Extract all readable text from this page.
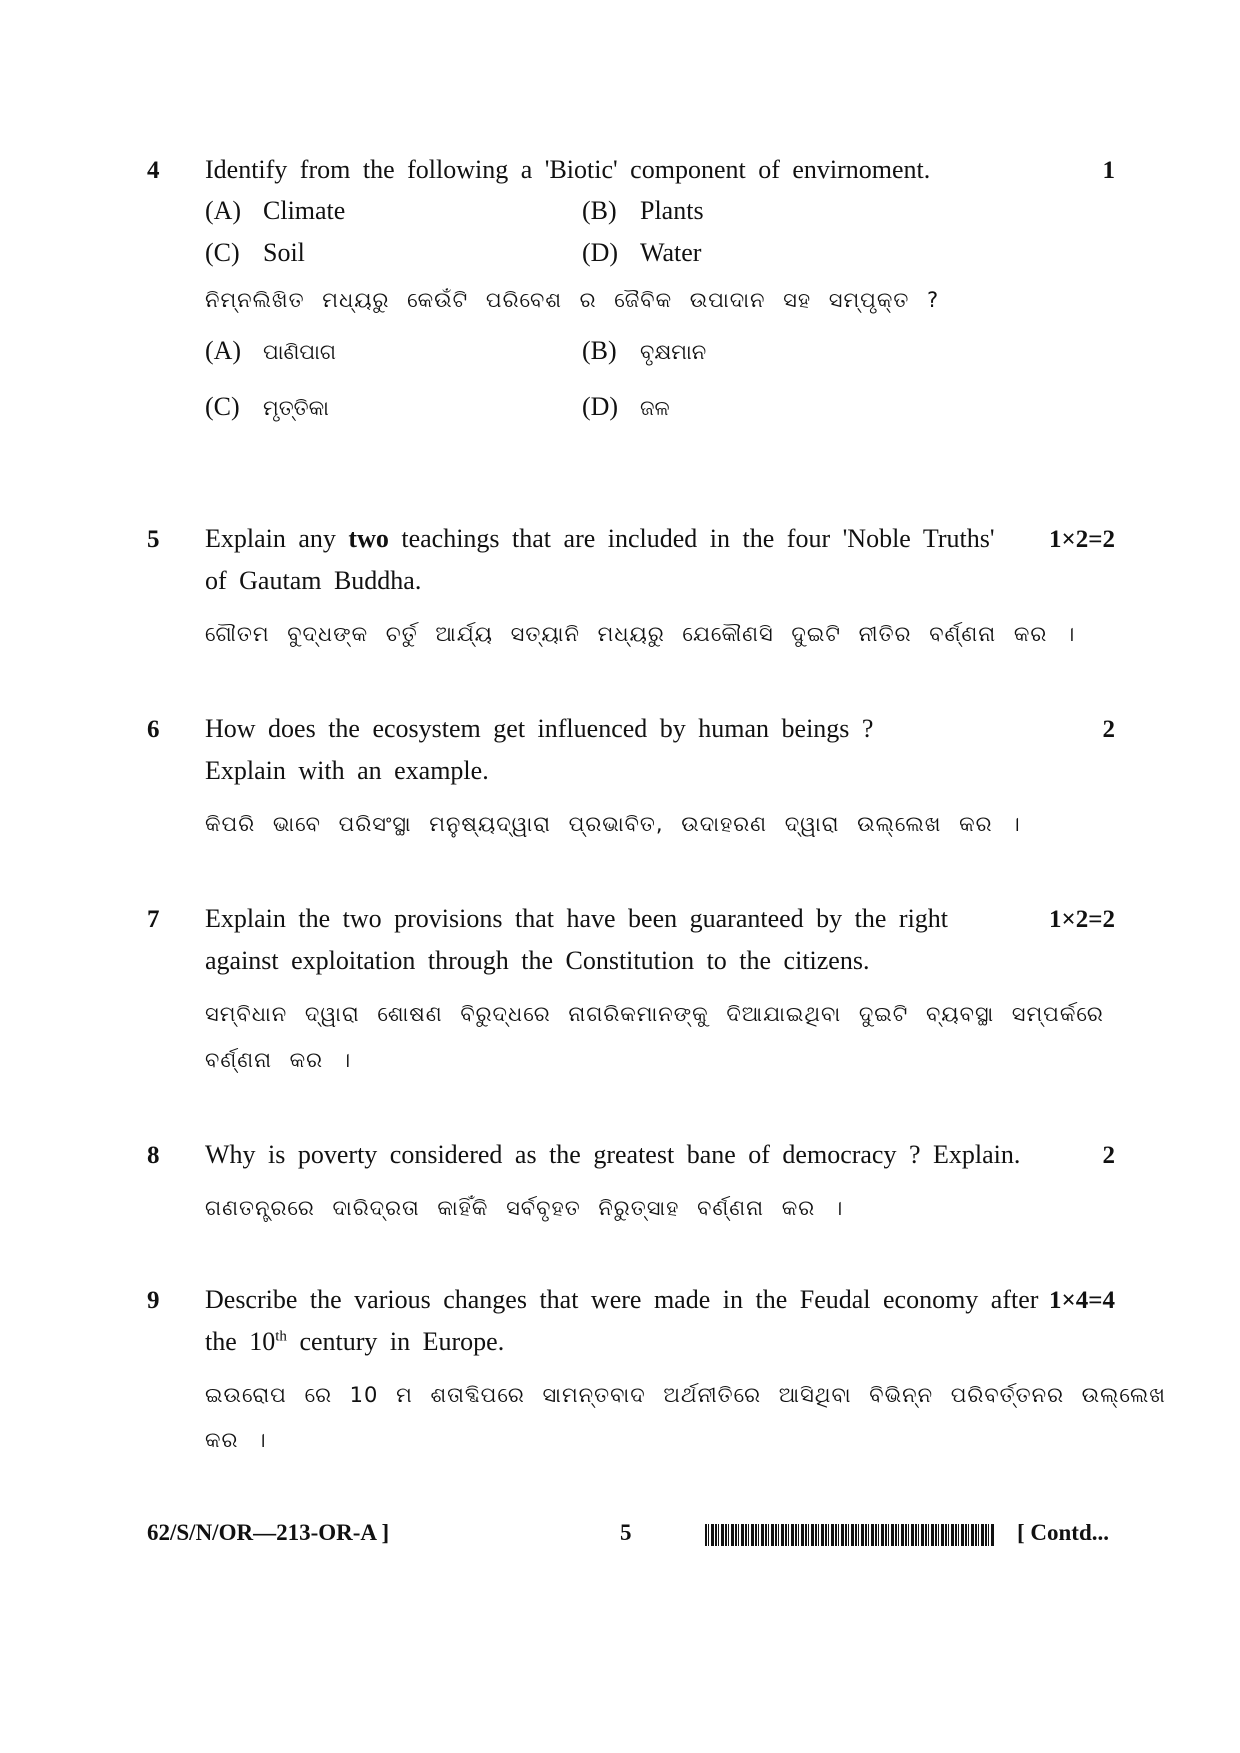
4	1
Identify from the following a 'Biotic' component of envirnoment.
(A) Climate	(B) Plants
(C) Soil	(D) Water
ନିମ୍ନଲିଖିତ ମଧ୍ୟରୁ କେଉଁଟି ପରିବେଶ ର ଜୈବିକ ଉପାଦାନ ସହ ସମ୍ପୃକ୍ତ ?
(A) ପାଣିପାଗ	(B) ବୃକ୍ଷମାନ
(C) ମୃତ୍ତିକା	(D) ଜଳ
5	1×2=2
Explain any two teachings that are included in the four 'Noble Truths'
of Gautam Buddha.
ଗୌତମ ବୁଦ୍ଧଙ୍କ ଚର୍ତୁ ଆର୍ଯ୍ୟ ସତ୍ୟାନି ମଧ୍ୟରୁ ଯେକୌଣସି ଦୁଇଟି ନୀତିର ବର୍ଣ୍ଣନା କର ।
6	2
How does the ecosystem get influenced by human beings ?
Explain with an example.
କିପରି ଭାବେ ପରିସଂସ୍ଥା ମନୁଷ୍ୟଦ୍ୱାରା ପ୍ରଭାବିତ, ଉଦାହରଣ ଦ୍ୱାରା ଉଲ୍ଲେଖ କର ।
7	1×2=2
Explain the two provisions that have been guaranteed by the right
against exploitation through the Constitution to the citizens.
ସମ୍ବିଧାନ ଦ୍ୱାରା ଶୋଷଣ ବିରୁଦ୍ଧରେ ନାଗରିକମାନଙ୍କୁ ଦିଆଯାଇଥିବା ଦୁଇଟି ବ୍ୟବସ୍ଥା ସମ୍ପର୍କରେ
ବର୍ଣ୍ଣନା କର ।
8	2
Why is poverty considered as the greatest bane of democracy ? Explain.
ଗଣତନ୍ତ୍ରରେ ଦାରିଦ୍ରତା କାହିଁକି ସର୍ବବୃହତ ନିରୁତ୍ସାହ ବର୍ଣ୍ଣନା କର ।
9	1×4=4
Describe the various changes that were made in the Feudal economy after
the 10th century in Europe.
ଇଉରୋପ ରେ 10 ମ ଶତାବ୍ଦିପରେ ସାମନ୍ତବାଦ ଅର୍ଥନୀତିରେ ଆସିଥିବା ବିଭିନ୍ନ ପରିବର୍ତ୍ତନର ଉଲ୍ଲେଖ
କର ।
62/S/N/OR—213-OR-A ]	5	[ Contd...
